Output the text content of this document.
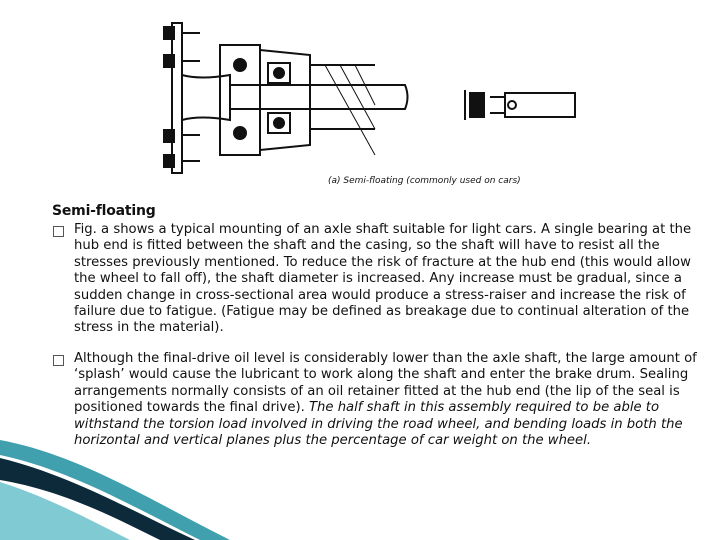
(a) Semi-floating (commonly used on cars)
Semi-floating
Fig. a shows a typical mounting of an axle shaft suitable for light cars. A single bearing at the hub end is fitted between the shaft and the casing, so the shaft will have to resist all the stresses previously mentioned. To reduce the risk of fracture at the hub end (this would allow the wheel to fall off), the shaft diameter is increased. Any increase must be gradual, since a sudden change in cross-sectional area would produce a stress-raiser and increase the risk of failure due to fatigue. (Fatigue may be defined as breakage due to continual alteration of the stress in the material).
Although the final-drive oil level is considerably lower than the axle shaft, the large amount of ‘splash’ would cause the lubricant to work along the shaft and enter the brake drum. Sealing arrangements normally consists of an oil retainer fitted at the hub end (the lip of the seal is positioned towards the final drive). The half shaft in this assembly required to be able to withstand the torsion load involved in driving the road wheel, and bending loads in both the horizontal and vertical planes plus the percentage of car weight on the wheel.
